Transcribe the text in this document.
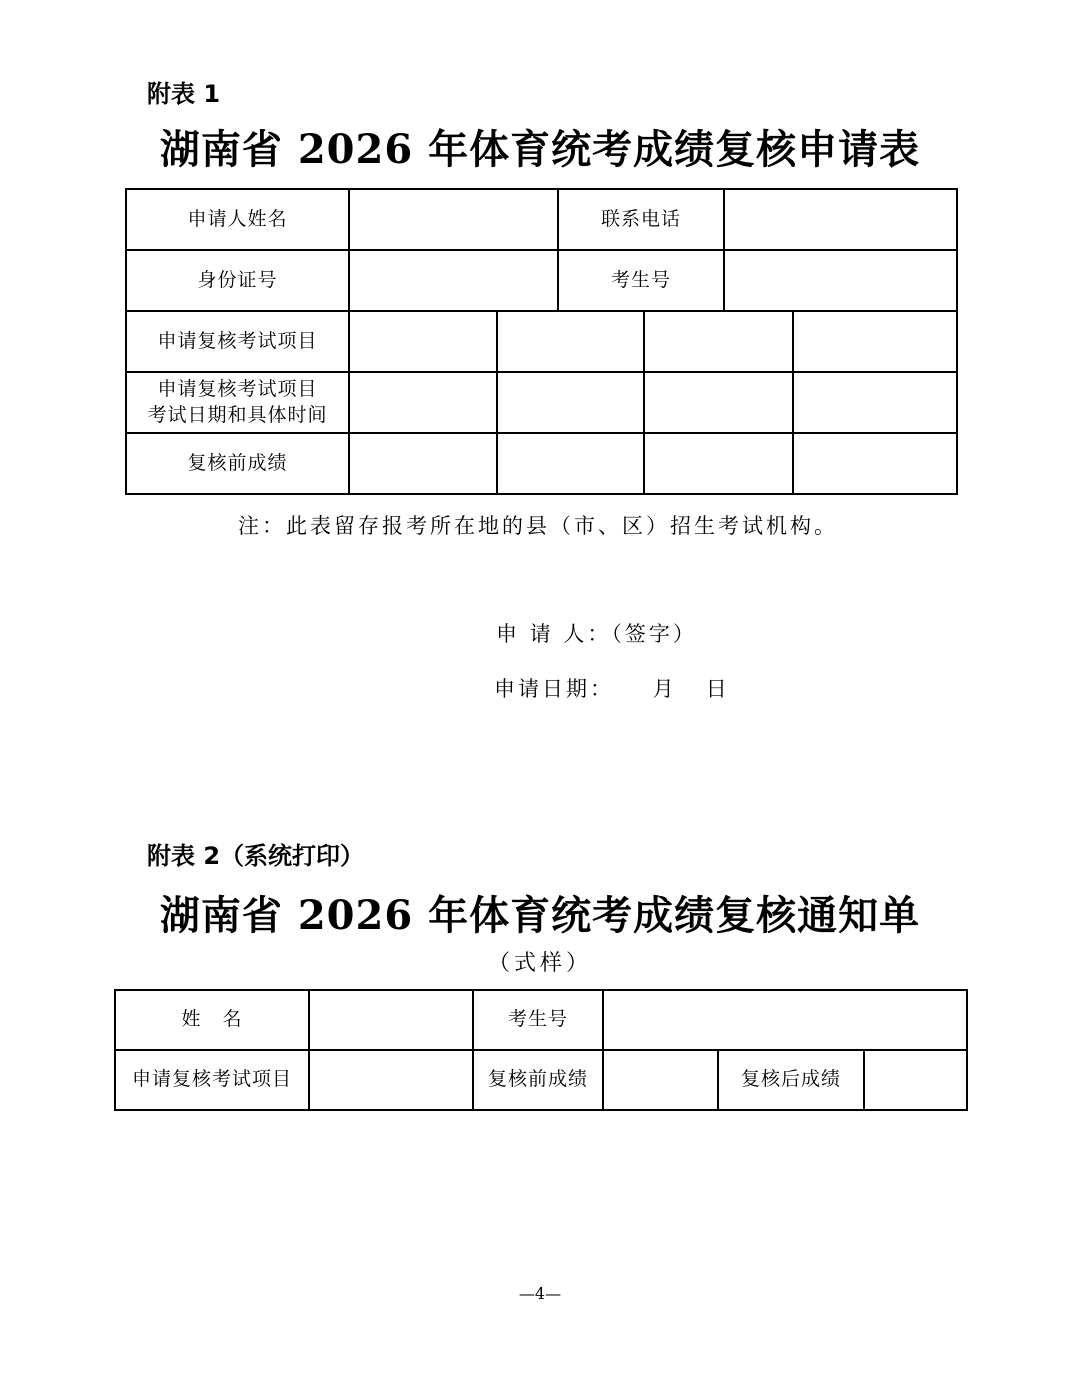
附表 1
湖南省 2026 年体育统考成绩复核申请表
申请人姓名			联系电话			
身份证号			考生号			
申请复核考试项目						

申请复核考试项目
考试日期和具体时间						

复核前成绩						
注：此表留存报考所在地的县（市、区）招生考试机构。
申 请 人：（签字）
申请日期：    月   日
附表 2（系统打印）
湖南省 2026 年体育统考成绩复核通知单
（式样）
姓   名		考生号			
申请复核考试项目		复核前成绩		复核后成绩	
—4—
